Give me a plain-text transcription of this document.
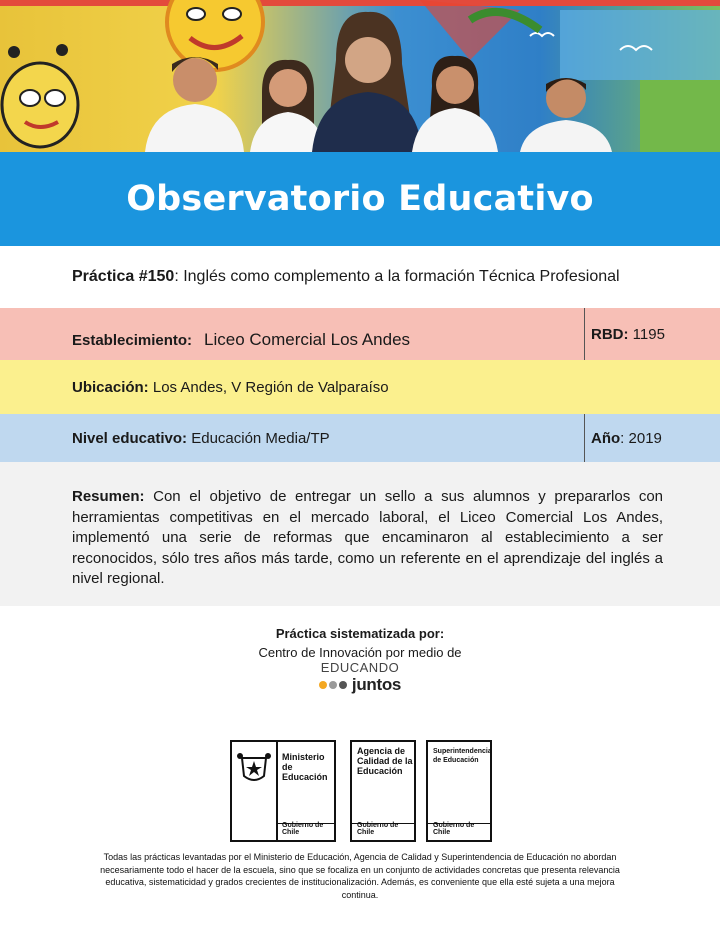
Observatorio Educativo
Práctica #150 : Inglés como complemento a la formación Técnica Profesional
Establecimiento: Liceo Comercial Los Andes	RBD:
1195
Ubicación:
Los Andes, V Región de Valparaíso
Nivel educativo:
Educación Media/TP	Año : 2019
Resumen: Con el objetivo de entregar un sello a sus alumnos y prepararlos con herramientas competitivas en el mercado laboral, el Liceo Comercial Los Andes, implementó una serie de reformas que encaminaron al establecimiento a ser reconocidos, sólo tres años más tarde, como un referente en el aprendizaje del inglés a nivel regional.
Práctica sistematizada por:
Centro de Innovación por medio de
EDUCANDO
juntos
Ministerio de Educación
Gobierno de Chile
Agencia de Calidad de la Educación
Gobierno de Chile
Superintendencia de Educación
Gobierno de Chile
Todas las prácticas levantadas por el Ministerio de Educación, Agencia de Calidad y Superintendencia de Educación no abordan necesariamente todo el hacer de la escuela, sino que se focaliza en un conjunto de actividades concretas que presenta relevancia educativa, sistematicidad y grados crecientes de institucionalización. Además, es conveniente que ella esté sujeta a una mejora continua.
